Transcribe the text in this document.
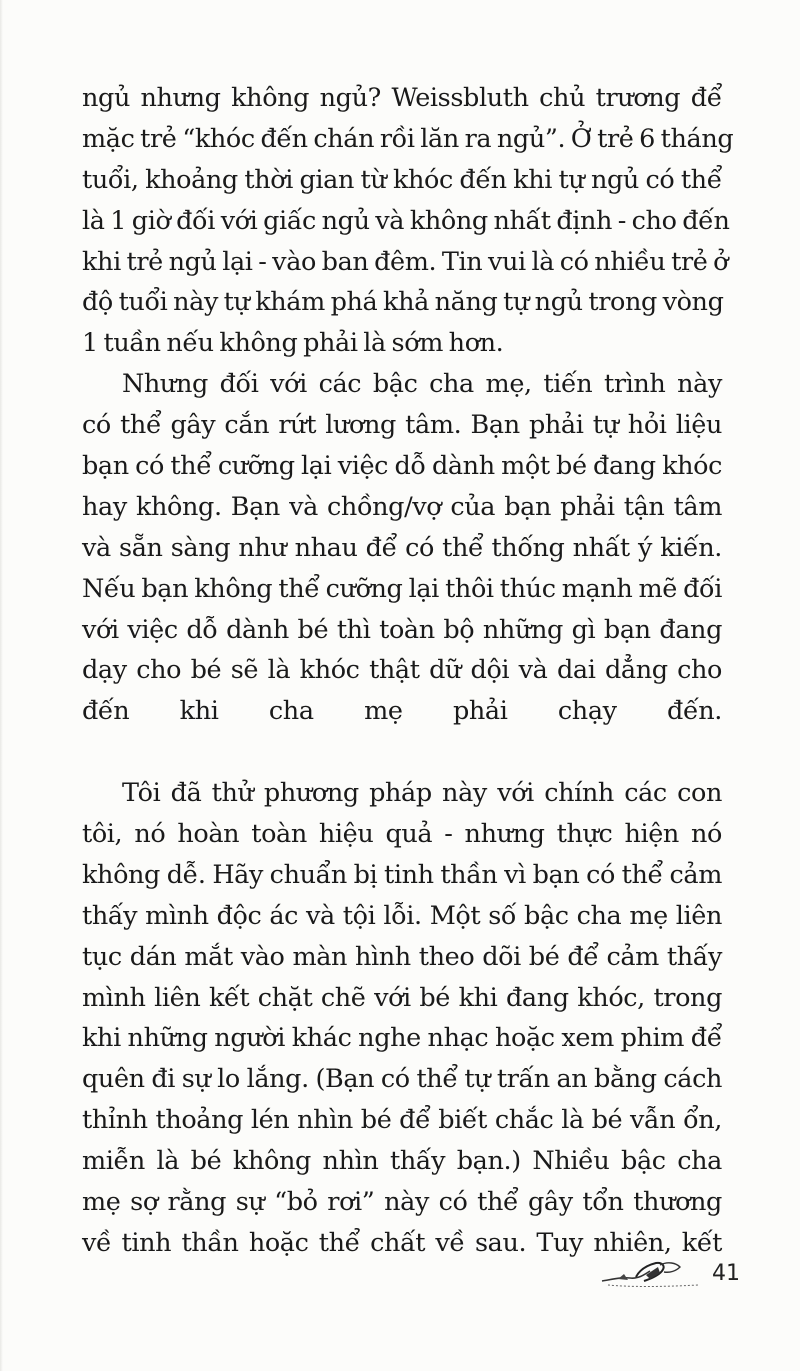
ngủ nhưng không ngủ? Weissbluth chủ trương để
mặc trẻ “khóc đến chán rồi lăn ra ngủ”. Ở trẻ 6 tháng
tuổi, khoảng thời gian từ khóc đến khi tự ngủ có thể
là 1 giờ đối với giấc ngủ và không nhất định - cho đến
khi trẻ ngủ lại - vào ban đêm. Tin vui là có nhiều trẻ ở
độ tuổi này tự khám phá khả năng tự ngủ trong vòng
1 tuần nếu không phải là sớm hơn.
Nhưng đối với các bậc cha mẹ, tiến trình này
có thể gây cắn rứt lương tâm. Bạn phải tự hỏi liệu
bạn có thể cưỡng lại việc dỗ dành một bé đang khóc
hay không. Bạn và chồng/vợ của bạn phải tận tâm
và sẵn sàng như nhau để có thể thống nhất ý kiến.
Nếu bạn không thể cưỡng lại thôi thúc mạnh mẽ đối
với việc dỗ dành bé thì toàn bộ những gì bạn đang
dạy cho bé sẽ là khóc thật dữ dội và dai dẳng cho
đến khi cha mẹ phải chạy đến.
Tôi đã thử phương pháp này với chính các con
tôi, nó hoàn toàn hiệu quả - nhưng thực hiện nó
không dễ. Hãy chuẩn bị tinh thần vì bạn có thể cảm
thấy mình độc ác và tội lỗi. Một số bậc cha mẹ liên
tục dán mắt vào màn hình theo dõi bé để cảm thấy
mình liên kết chặt chẽ với bé khi đang khóc, trong
khi những người khác nghe nhạc hoặc xem phim để
quên đi sự lo lắng. (Bạn có thể tự trấn an bằng cách
thỉnh thoảng lén nhìn bé để biết chắc là bé vẫn ổn,
miễn là bé không nhìn thấy bạn.) Nhiều bậc cha
mẹ sợ rằng sự “bỏ rơi” này có thể gây tổn thương
về tinh thần hoặc thể chất về sau. Tuy nhiên, kết
41
